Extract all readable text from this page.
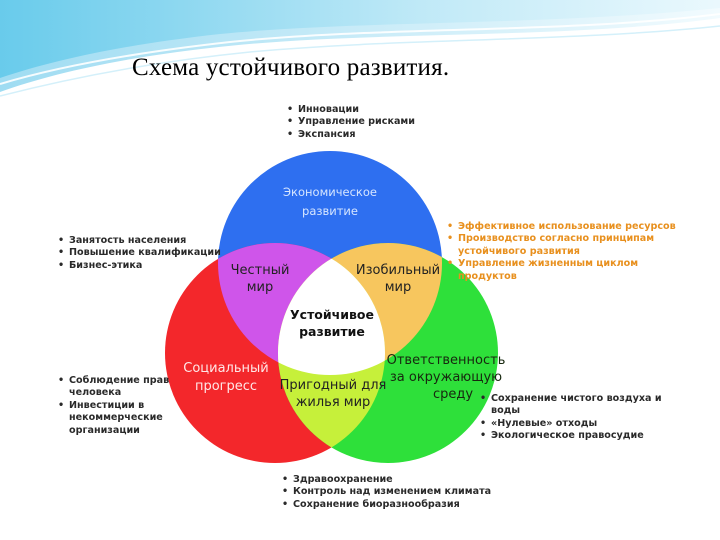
Схема устойчивого развития.
Экономическое
развитие
Социальный
прогресс
Ответственность
за окружающую
среду
Честный
мир
Изобильный
мир
Пригодный для
жилья мир
Устойчивое
развитие
• Инновации
• Управление рисками
• Экспансия
• Занятость населения
• Повышение квалификации
• Бизнес-этика
• Эффективное использование ресурсов
• Производство согласно принципам
устойчивого развития
• Управление жизненным циклом
продуктов
• Соблюдение прав
человека
• Инвестиции в
некоммерческие
организации
• Сохранение чистого воздуха и
воды
• «Нулевые» отходы
• Экологическое правосудие
• Здравоохранение
• Контроль над изменением климата
• Сохранение биоразнообразия
